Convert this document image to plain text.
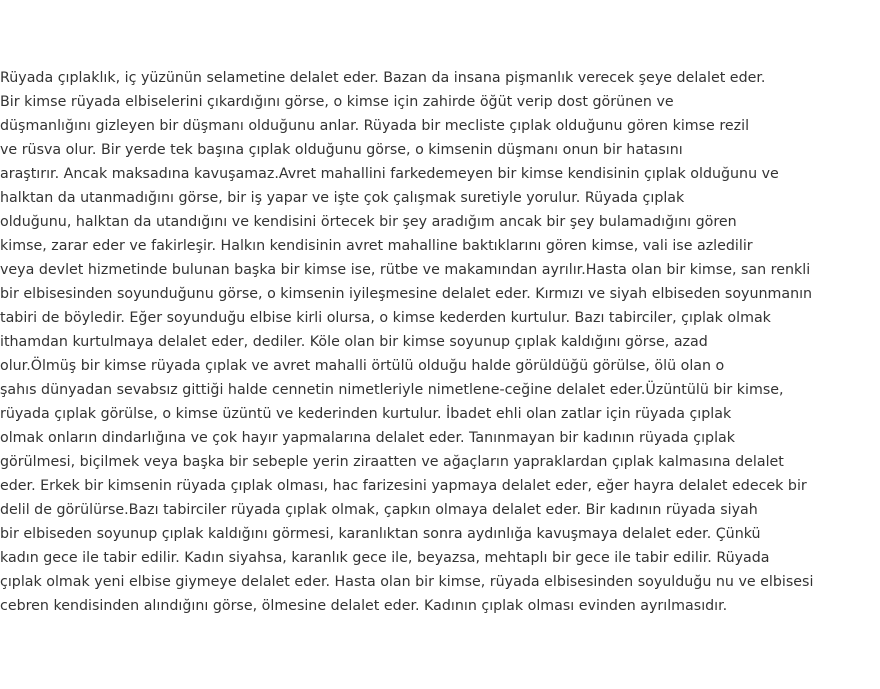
Rüyada çıplaklık, iç yüzünün selametine delalet eder. Bazan da insana pişmanlık verecek şeye delalet eder.
Bir kimse rüyada elbiselerini çıkardığını görse, o kimse için zahirde öğüt verip dost görünen ve
düşmanlığını gizleyen bir düşmanı olduğunu anlar. Rüyada bir mecliste çıplak olduğunu gören kimse rezil
ve rüsva olur. Bir yerde tek başına çıplak olduğunu görse, o kimsenin düşmanı onun bir hatasını
araştırır. Ancak maksadına kavuşamaz.Avret mahallini farkedemeyen bir kimse kendisinin çıplak olduğunu ve
halktan da utanmadığını görse, bir iş yapar ve işte çok çalışmak suretiyle yorulur. Rüyada çıplak
olduğunu, halktan da utandığını ve kendisini örtecek bir şey aradığım ancak bir şey bulamadığını gören
kimse, zarar eder ve fakirleşir. Halkın kendisinin avret mahalline baktıklarını gören kimse, vali ise azledilir
veya devlet hizmetinde bulunan başka bir kimse ise, rütbe ve makamından ayrılır.Hasta olan bir kimse, san renkli
bir elbisesinden soyunduğunu görse, o kimsenin iyileşmesine delalet eder. Kırmızı ve siyah elbiseden soyunmanın
tabiri de böyledir. Eğer soyunduğu elbise kirli olursa, o kimse kederden kurtulur. Bazı tabirciler, çıplak olmak
ithamdan kurtulmaya delalet eder, dediler. Köle olan bir kimse soyunup çıplak kaldığını görse, azad
olur.Ölmüş bir kimse rüyada çıplak ve avret mahalli örtülü olduğu halde görüldüğü görülse, ölü olan o
şahıs dünyadan sevabsız gittiği halde cennetin nimetleriyle nimetlene-ceğine delalet eder.Üzüntülü bir kimse,
rüyada çıplak görülse, o kimse üzüntü ve kederinden kurtulur. İbadet ehli olan zatlar için rüyada çıplak
olmak onların dindarlığına ve çok hayır yapmalarına delalet eder. Tanınmayan bir kadının rüyada çıplak
görülmesi, biçilmek veya başka bir sebeple yerin ziraatten ve ağaçların yapraklardan çıplak kalmasına delalet
eder. Erkek bir kimsenin rüyada çıplak olması, hac farizesini yapmaya delalet eder, eğer hayra delalet edecek bir
delil de görülürse.Bazı tabirciler rüyada çıplak olmak, çapkın olmaya delalet eder. Bir kadının rüyada siyah
bir elbiseden soyunup çıplak kaldığını görmesi, karanlıktan sonra aydınlığa kavuşmaya delalet eder. Çünkü
kadın gece ile tabir edilir. Kadın siyahsa, karanlık gece ile, beyazsa, mehtaplı bir gece ile tabir edilir. Rüyada
çıplak olmak yeni elbise giymeye delalet eder. Hasta olan bir kimse, rüyada elbisesinden soyulduğu nu ve elbisesi
cebren kendisinden alındığını görse, ölmesine delalet eder. Kadının çıplak olması evinden ayrılmasıdır.
